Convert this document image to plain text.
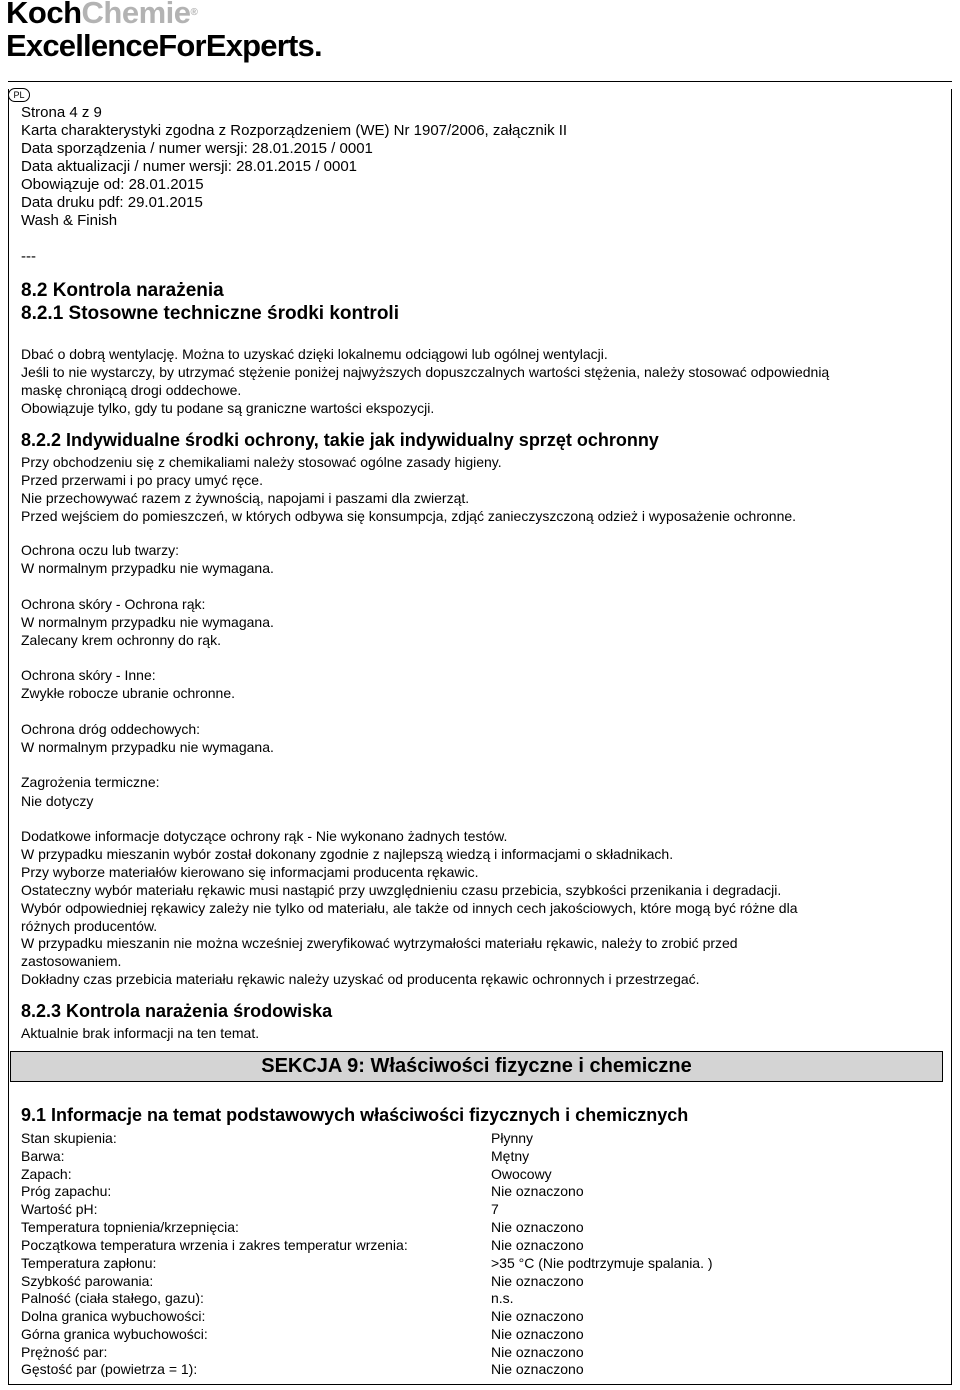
KochChemie®
ExcellenceForExperts.
PL
Strona 4 z 9
Karta charakterystyki zgodna z Rozporządzeniem (WE) Nr 1907/2006, załącznik II
Data sporządzenia / numer wersji: 28.01.2015 / 0001
Data aktualizacji / numer wersji: 28.01.2015 / 0001
Obowiązuje od: 28.01.2015
Data druku pdf: 29.01.2015
Wash & Finish
---
8.2 Kontrola narażenia
8.2.1 Stosowne techniczne środki kontroli
Dbać o dobrą wentylację. Można to uzyskać dzięki lokalnemu odciągowi lub ogólnej wentylacji.
Jeśli to nie wystarczy, by utrzymać stężenie poniżej najwyższych dopuszczalnych wartości stężenia, należy stosować odpowiednią
maskę chroniącą drogi oddechowe.
Obowiązuje tylko, gdy tu podane są graniczne wartości ekspozycji.
8.2.2 Indywidualne środki ochrony, takie jak indywidualny sprzęt ochronny
Przy obchodzeniu się z chemikaliami należy stosować ogólne zasady higieny.
Przed przerwami i po pracy umyć ręce.
Nie przechowywać razem z żywnością, napojami i paszami dla zwierząt.
Przed wejściem do pomieszczeń, w których odbywa się konsumpcja, zdjąć zanieczyszczoną odzież i wyposażenie ochronne.
Ochrona oczu lub twarzy:
W normalnym przypadku nie wymagana.
Ochrona skóry - Ochrona rąk:
W normalnym przypadku nie wymagana.
Zalecany krem ochronny do rąk.
Ochrona skóry - Inne:
Zwykłe robocze ubranie ochronne.
Ochrona dróg oddechowych:
W normalnym przypadku nie wymagana.
Zagrożenia termiczne:
Nie dotyczy
Dodatkowe informacje dotyczące ochrony rąk - Nie wykonano żadnych testów.
W przypadku mieszanin wybór został dokonany zgodnie z najlepszą wiedzą i informacjami o składnikach.
Przy wyborze materiałów kierowano się informacjami producenta rękawic.
Ostateczny wybór materiału rękawic musi nastąpić przy uwzględnieniu czasu przebicia, szybkości przenikania i degradacji.
Wybór odpowiedniej rękawicy zależy nie tylko od materiału, ale także od innych cech jakościowych, które mogą być różne dla
różnych producentów.
W przypadku mieszanin nie można wcześniej zweryfikować wytrzymałości materiału rękawic, należy to zrobić przed
zastosowaniem.
Dokładny czas przebicia materiału rękawic należy uzyskać od producenta rękawic ochronnych i przestrzegać.
8.2.3 Kontrola narażenia środowiska
Aktualnie brak informacji na ten temat.
SEKCJA 9: Właściwości fizyczne i chemiczne
9.1 Informacje na temat podstawowych właściwości fizycznych i chemicznych
Stan skupienia:	Płynny
Barwa:	Mętny
Zapach:	Owocowy
Próg zapachu:	Nie oznaczono
Wartość pH:	7
Temperatura topnienia/krzepnięcia:	Nie oznaczono
Początkowa temperatura wrzenia i zakres temperatur wrzenia:	Nie oznaczono
Temperatura zapłonu:	>35 °C (Nie podtrzymuje spalania. )
Szybkość parowania:	Nie oznaczono
Palność (ciała stałego, gazu):	n.s.
Dolna granica wybuchowości:	Nie oznaczono
Górna granica wybuchowości:	Nie oznaczono
Prężność par:	Nie oznaczono
Gęstość par (powietrza = 1):	Nie oznaczono
